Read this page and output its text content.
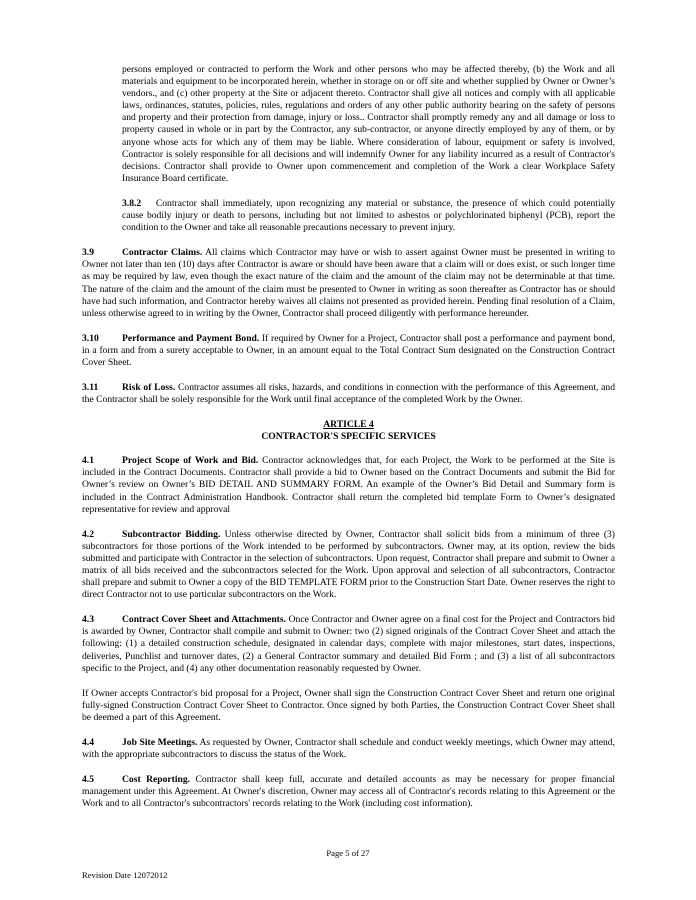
persons employed or contracted to perform the Work and other persons who may be affected thereby, (b) the Work and all materials and equipment to be incorporated herein, whether in storage on or off site and whether supplied by Owner or Owner’s vendors., and (c) other property at the Site or adjacent thereto. Contractor shall give all notices and comply with all applicable laws, ordinances, statutes, policies, rules, regulations and orders of any other public authority bearing on the safety of persons and property and their protection from damage, injury or loss.. Contractor shall promptly remedy any and all damage or loss to property caused in whole or in part by the Contractor, any sub-contractor, or anyone directly employed by any of them, or by anyone whose acts for which any of them may be liable. Where consideration of labour, equipment or safety is involved, Contractor is solely responsible for all decisions and will indemnify Owner for any liability incurred as a result of Contractor's decisions. Contractor shall provide to Owner upon commencement and completion of the Work a clear Workplace Safety Insurance Board certificate.

3.8.2 Contractor shall immediately, upon recognizing any material or substance, the presence of which could potentially cause bodily injury or death to persons, including but not limited to asbestos or polychlorinated biphenyl (PCB), report the condition to the Owner and take all reasonable precautions necessary to prevent injury.

3.9	Contractor Claims. All claims which Contractor may have or wish to assert against Owner must be presented in writing to Owner not later than ten (10) days after Contractor is aware or should have been aware that a claim will or does exist, or such longer time as may be required by law, even though the exact nature of the claim and the amount of the claim may not be determinable at that time. The nature of the claim and the amount of the claim must be presented to Owner in writing as soon thereafter as Contractor has or should have had such information, and Contractor hereby waives all claims not presented as provided herein. Pending final resolution of a Claim, unless otherwise agreed to in writing by the Owner, Contractor shall proceed diligently with performance hereunder.

3.10 Performance and Payment Bond. If required by Owner for a Project, Contractor shall post a performance and payment bond, in a form and from a surety acceptable to Owner, in an amount equal to the Total Contract Sum designated on the Construction Contract Cover Sheet.

3.11 Risk of Loss. Contractor assumes all risks, hazards, and conditions in connection with the performance of this Agreement, and the Contractor shall be solely responsible for the Work until final acceptance of the completed Work by the Owner.

ARTICLE 4
CONTRACTOR'S SPECIFIC SERVICES

4.1	Project Scope of Work and Bid. Contractor acknowledges that, for each Project, the Work to be performed at the Site is included in the Contract Documents. Contractor shall provide a bid to Owner based on the Contract Documents and submit the Bid for Owner’s review on Owner’s BID DETAIL AND SUMMARY FORM. An example of the Owner’s Bid Detail and Summary form is included in the Contract Administration Handbook. Contractor shall return the completed bid template Form to Owner’s designated representative for review and approval

4.2	Subcontractor Bidding. Unless otherwise directed by Owner, Contractor shall solicit bids from a minimum of three (3) subcontractors for those portions of the Work intended to be performed by subcontractors. Owner may, at its option, review the bids submitted and participate with Contractor in the selection of subcontractors. Upon request, Contractor shall prepare and submit to Owner a matrix of all bids received and the subcontractors selected for the Work. Upon approval and selection of all subcontractors, Contractor shall prepare and submit to Owner a copy of the BID TEMPLATE FORM prior to the Construction Start Date. Owner reserves the right to direct Contractor not to use particular subcontractors on the Work.

4.3	Contract Cover Sheet and Attachments. Once Contractor and Owner agree on a final cost for the Project and Contractors bid is awarded by Owner, Contractor shall compile and submit to Owner: two (2) signed originals of the Contract Cover Sheet and attach the following: (1) a detailed construction schedule, designated in calendar days, complete with major milestones, start dates, inspections, deliveries, Punchlist and turnover dates, (2) a General Contractor summary and detailed Bid Form ; and (3) a list of all subcontractors specific to the Project, and (4) any other documentation reasonably requested by Owner.

If Owner accepts Contractor's bid proposal for a Project, Owner shall sign the Construction Contract Cover Sheet and return one original fully-signed Construction Contract Cover Sheet to Contractor. Once signed by both Parties, the Construction Contract Cover Sheet shall be deemed a part of this Agreement.

4.4	Job Site Meetings. As requested by Owner, Contractor shall schedule and conduct weekly meetings, which Owner may attend, with the appropriate subcontractors to discuss the status of the Work.

4.5	Cost Reporting. Contractor shall keep full, accurate and detailed accounts as may be necessary for proper financial management under this Agreement. At Owner's discretion, Owner may access all of Contractor's records relating to this Agreement or the Work and to all Contractor's subcontractors' records relating to the Work (including cost information).

Page 5 of 27
Revision Date 12072012
